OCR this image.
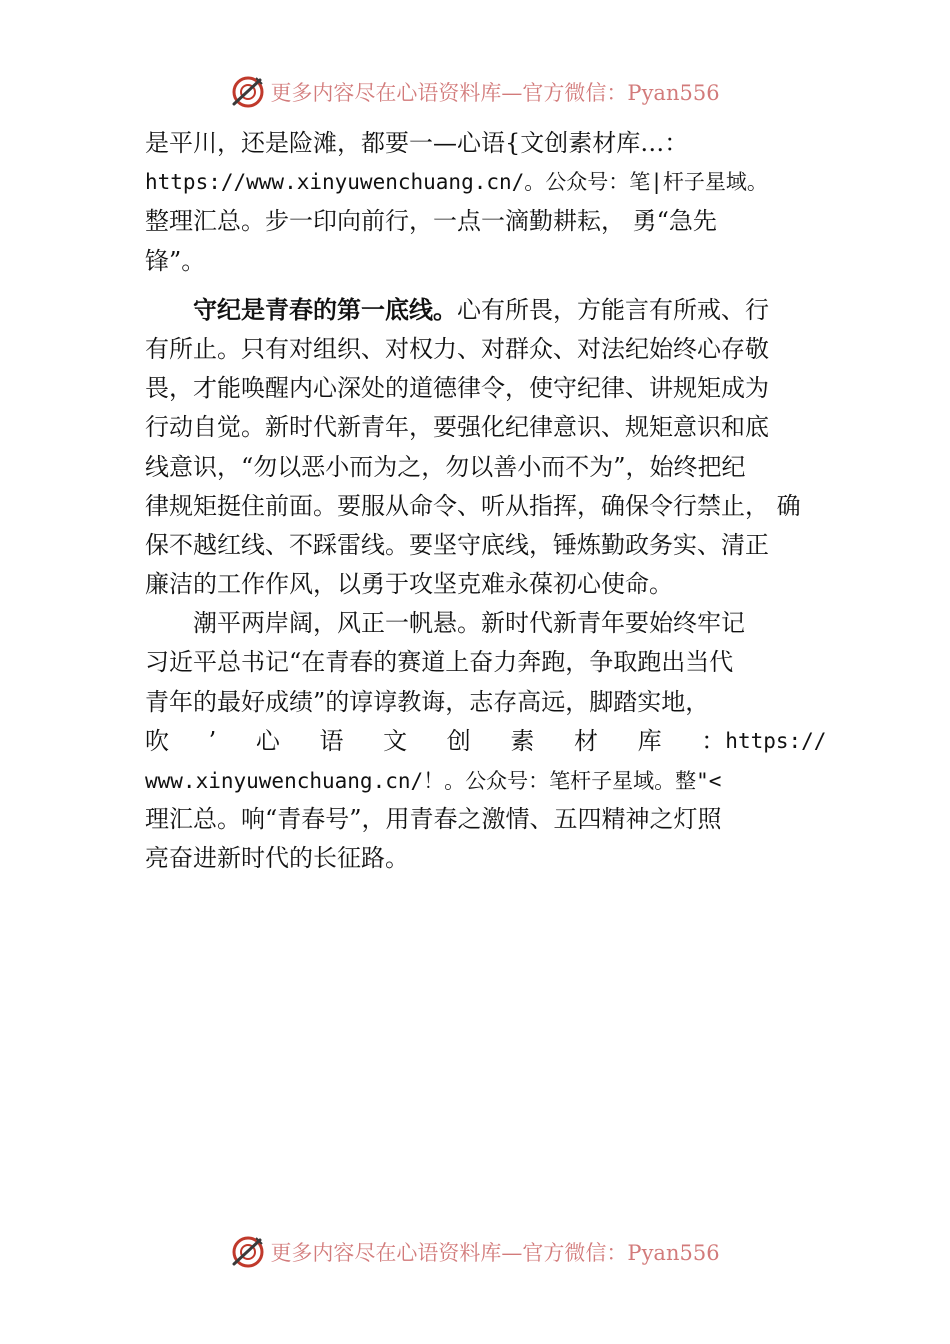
更多内容尽在心语资料库—官方微信：Pyan556
是平川，还是险滩，都要一—心语{文创素材库…：
https://www.xinyuwenchuang.cn/。公众号：笔|杆子星域。
整理汇总。步一印向前行，一点一滴勤耕耘， 勇“急先
锋”。
守纪是青春的第一底线。心有所畏，方能言有所戒、行
有所止。只有对组织、对权力、对群众、对法纪始终心存敬
畏，才能唤醒内心深处的道德律令，使守纪律、讲规矩成为
行动自觉。新时代新青年，要强化纪律意识、规矩意识和底
线意识，“勿以恶小而为之，勿以善小而不为”，始终把纪
律规矩挺住前面。要服从命令、听从指挥，确保令行禁止， 确
保不越红线、不踩雷线。要坚守底线，锤炼勤政务实、清正
廉洁的工作作风，以勇于攻坚克难永葆初心使命。
潮平两岸阔，风正一帆悬。新时代新青年要始终牢记
习近平总书记“在青春的赛道上奋力奔跑，争取跑出当代
青年的最好成绩”的谆谆教诲，志存高远，脚踏实地，
吹 ’ 心 语 文 创 素 材 库 ： https://
www.xinyuwenchuang.cn/！。公众号：笔杆子星域。整"<
理汇总。响“青春号”，用青春之激情、五四精神之灯照
亮奋进新时代的长征路。
更多内容尽在心语资料库—官方微信：Pyan556
